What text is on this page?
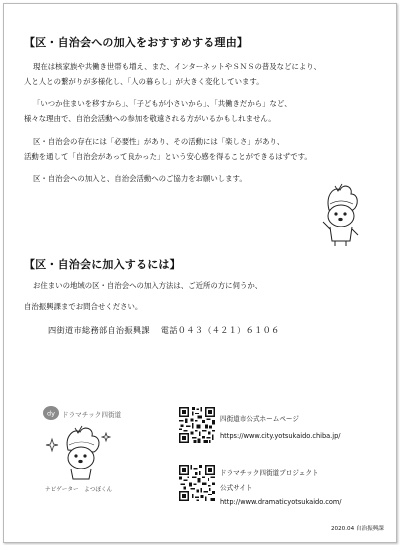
【区・自治会への加入をおすすめする理由】

現在は核家族や共働き世帯も増え、また、インターネットやＳＮＳの普及などにより、

人と人との繋がりが多様化し、「人の暮らし」が大きく変化しています。

「いつか住まいを移すから」、「子どもが小さいから」、「共働きだから」など、

様々な理由で、自治会活動への参加を敬遠される方がいるかもしれません。

区・自治会の存在には「必要性」があり、その活動には「楽しさ」があり、

活動を通して「自治会があって良かった」という安心感を得ることができるはずです。

区・自治会への加入と、自治会活動へのご協力をお願いします。

【区・自治会に加入するには】

お住まいの地域の区・自治会への加入方法は、ご近所の方に伺うか、

自治振興課までお問合せください。

四街道市総務部自治振興課 電話０４３（４２１）６１０６
dy ドラマチック四街道
ナビゲーター　よつぼくん
四街道市公式ホームページ
https://www.city.yotsukaido.chiba.jp/
ドラマチック四街道プロジェクト
公式サイト
http://www.dramaticyotsukaido.com/
2020.04 自治振興課
